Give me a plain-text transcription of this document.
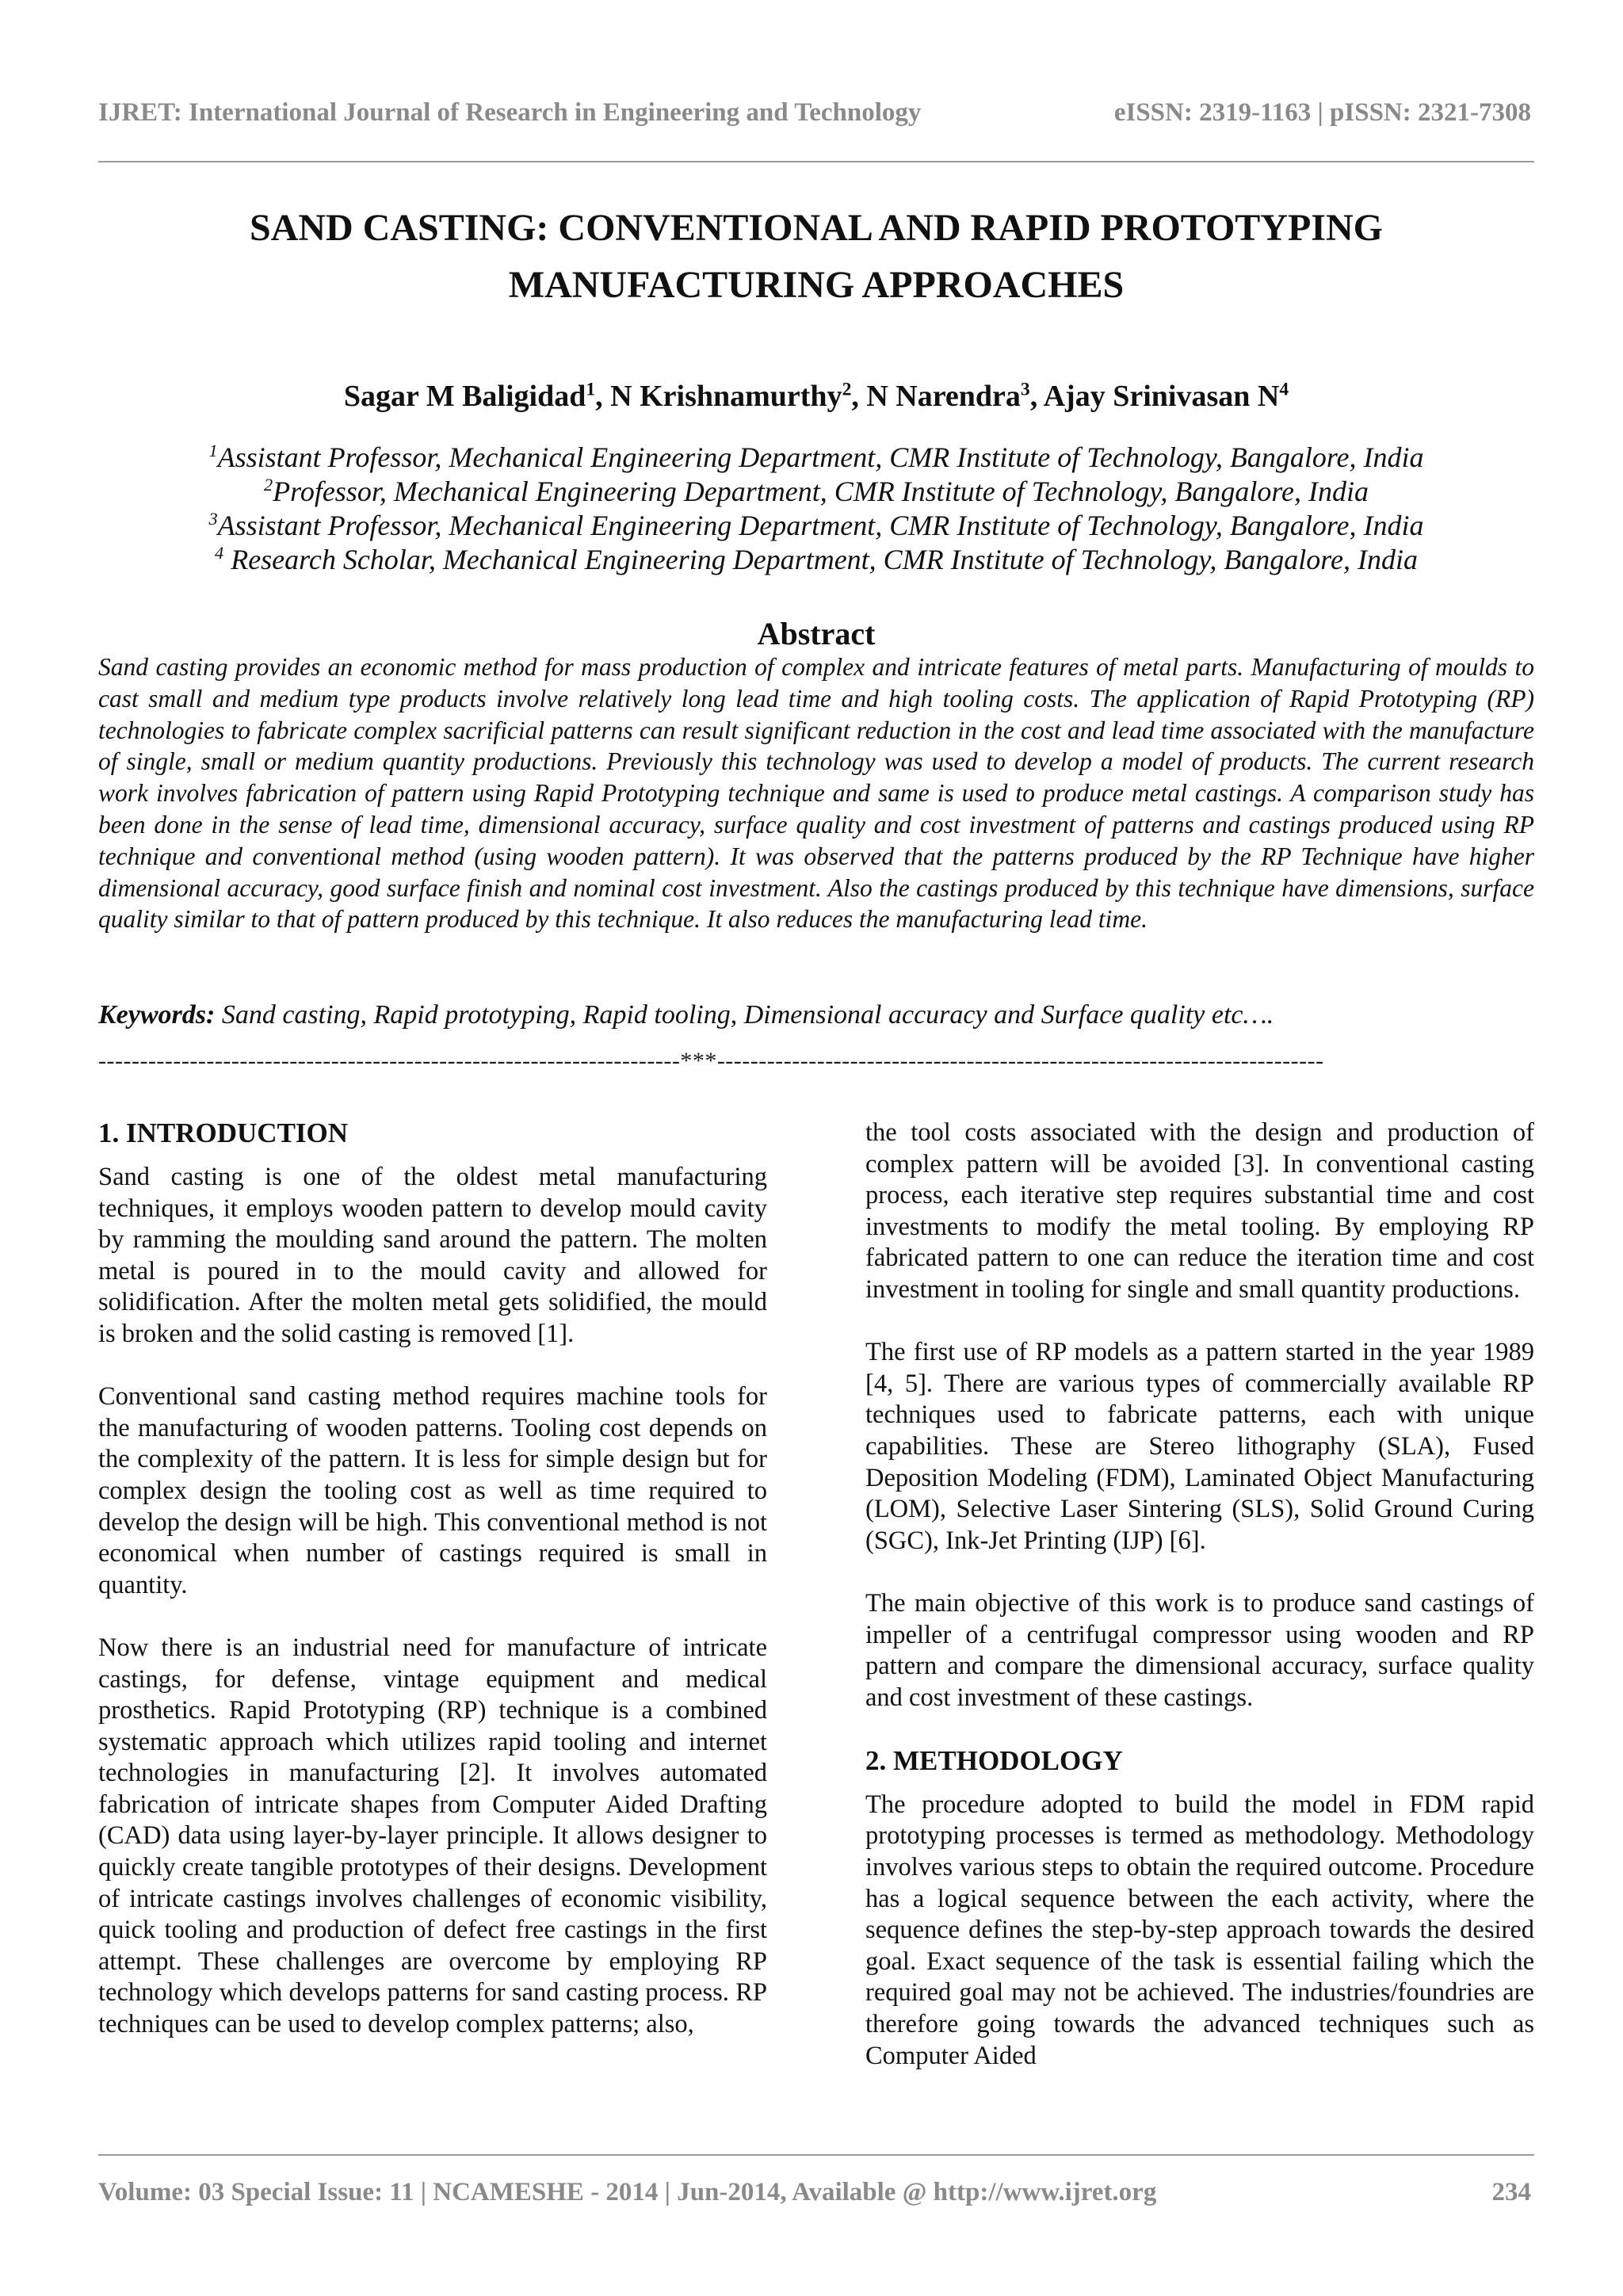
IJRET: International Journal of Research in Engineering and Technology	eISSN: 2319-1163 | pISSN: 2321-7308
SAND CASTING: CONVENTIONAL AND RAPID PROTOTYPING
MANUFACTURING APPROACHES
Sagar M Baligidad$^1$, N Krishnamurthy$^2$, N Narendra$^3$, Ajay Srinivasan $N^4$
$^1$Assistant Professor, Mechanical Engineering Department, CMR Institute of Technology, Bangalore, India
$^2$Professor, Mechanical Engineering Department, CMR Institute of Technology, Bangalore, India
$^3$Assistant Professor, Mechanical Engineering Department, CMR Institute of Technology, Bangalore, India
$^4$ Research Scholar, Mechanical Engineering Department, CMR Institute of Technology, Bangalore, India
Abstract
Sand casting provides an economic method for mass production of complex and intricate features of metal parts. Manufacturing of moulds to cast small and medium type products involve relatively long lead time and high tooling costs. The application of Rapid Prototyping (RP) technologies to fabricate complex sacrificial patterns can result significant reduction in the cost and lead time associated with the manufacture of single, small or medium quantity productions. Previously this technology was used to develop a model of products. The current research work involves fabrication of pattern using Rapid Prototyping technique and same is used to produce metal castings. A comparison study has been done in the sense of lead time, dimensional accuracy, surface quality and cost investment of patterns and castings produced using RP technique and conventional method (using wooden pattern). It was observed that the patterns produced by the RP Technique have higher dimensional accuracy, good surface finish and nominal cost investment. Also the castings produced by this technique have dimensions, surface quality similar to that of pattern produced by this technique. It also reduces the manufacturing lead time.
Keywords: Sand casting, Rapid prototyping, Rapid tooling, Dimensional accuracy and Surface quality etc….
----------------------------------------------------------------------***-------------------------------------------------------------------------
1. INTRODUCTION

Sand casting is one of the oldest metal manufacturing techniques, it employs wooden pattern to develop mould cavity by ramming the moulding sand around the pattern. The molten metal is poured in to the mould cavity and allowed for solidification. After the molten metal gets solidified, the mould is broken and the solid casting is removed [1].

Conventional sand casting method requires machine tools for the manufacturing of wooden patterns. Tooling cost depends on the complexity of the pattern. It is less for simple design but for complex design the tooling cost as well as time required to develop the design will be high. This conventional method is not economical when number of castings required is small in quantity.

Now there is an industrial need for manufacture of intricate castings, for defense, vintage equipment and medical prosthetics. Rapid Prototyping (RP) technique is a combined systematic approach which utilizes rapid tooling and internet technologies in manufacturing [2]. It involves automated fabrication of intricate shapes from Computer Aided Drafting (CAD) data using layer-by-layer principle. It allows designer to quickly create tangible prototypes of their designs. Development of intricate castings involves challenges of economic visibility, quick tooling and production of defect free castings in the first attempt. These challenges are overcome by employing RP technology which develops patterns for sand casting process. RP techniques can be used to develop complex patterns; also,

the tool costs associated with the design and production of complex pattern will be avoided [3]. In conventional casting process, each iterative step requires substantial time and cost investments to modify the metal tooling. By employing RP fabricated pattern to one can reduce the iteration time and cost investment in tooling for single and small quantity productions.

The first use of RP models as a pattern started in the year 1989 [4, 5]. There are various types of commercially available RP techniques used to fabricate patterns, each with unique capabilities. These are Stereo lithography (SLA), Fused Deposition Modeling (FDM), Laminated Object Manufacturing (LOM), Selective Laser Sintering (SLS), Solid Ground Curing (SGC), Ink-Jet Printing (IJP) [6].

The main objective of this work is to produce sand castings of impeller of a centrifugal compressor using wooden and RP pattern and compare the dimensional accuracy, surface quality and cost investment of these castings.

2. METHODOLOGY

The procedure adopted to build the model in FDM rapid prototyping processes is termed as methodology. Methodology involves various steps to obtain the required outcome. Procedure has a logical sequence between the each activity, where the sequence defines the step-by-step approach towards the desired goal. Exact sequence of the task is essential failing which the required goal may not be achieved. The industries/foundries are therefore going towards the advanced techniques such as Computer Aided

Volume: 03 Special Issue: 11 | NCAMESHE - 2014 | Jun-2014, Available @ http://www.ijret.org	234
